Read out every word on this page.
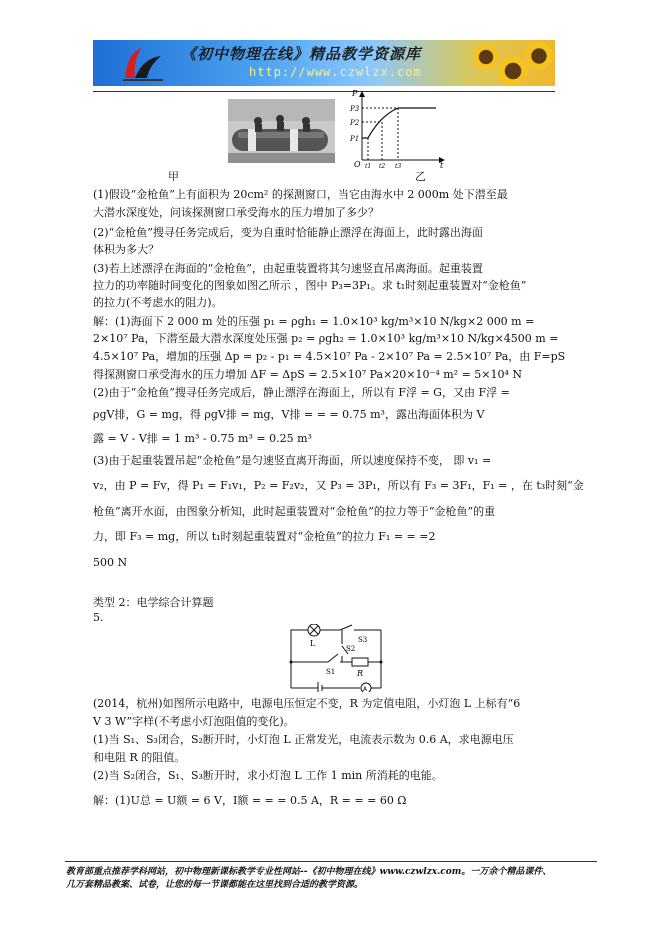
《初中物理在线》精品教学资源库
http://www.czwlzx.com
P
t
O
P3
P2
P1
t1 t2 t3
甲	乙
(1)假设“金枪鱼”上有面积为 20cm² 的探测窗口，当它由海水中 2 000m 处下潜至最
大潜水深度处，问该探测窗口承受海水的压力增加了多少？
(2)“金枪鱼”搜寻任务完成后，变为自重时恰能静止漂浮在海面上，此时露出海面
体积为多大？
(3)若上述漂浮在海面的“金枪鱼”，由起重装置将其匀速竖直吊离海面。起重装置
拉力的功率随时间变化的图象如图乙所示 ，图中 P₃=3P₁。求 t₁时刻起重装置对“金枪鱼”
的拉力(不考虑水的阻力)。
解：(1)海面下 2 000 m 处的压强 p₁ = ρgh₁ = 1.0×10³ kg/m³×10 N/kg×2 000 m =
2×10⁷ Pa，下潜至最大潜水深度处压强 p₂ = ρgh₂ = 1.0×10³ kg/m³×10 N/kg×4500 m =
4.5×10⁷ Pa，增加的压强 Δp = p₂ - p₁ = 4.5×10⁷ Pa - 2×10⁷ Pa = 2.5×10⁷ Pa，由 F=pS
得探测窗口承受海水的压力增加 ΔF = ΔpS = 2.5×10⁷ Pa×20×10⁻⁴ m² = 5×10⁴ N
(2)由于“金枪鱼”搜寻任务完成后，静止漂浮在海面上，所以有 F浮 = G，又由 F浮 =
ρgV排，G = mg，得 ρgV排 = mg，V排 = = = 0.75 m³，露出海面体积为 V
露 = V - V排 = 1 m³ - 0.75 m³ = 0.25 m³
(3)由于起重装置吊起“金枪鱼”是匀速竖直离开海面，所以速度保持不变， 即 v₁ =
v₂，由 P = Fv，得 P₁ = F₁v₁，P₂ = F₂v₂，又 P₃ = 3P₁，所以有 F₃ = 3F₁，F₁ = ，在 t₃时刻“金
枪鱼”离开水面，由图象分析知，此时起重装置对“金枪鱼”的拉力等于“金枪鱼”的重
力，即 F₃ = mg，所以 t₁时刻起重装置对“金枪鱼”的拉力 F₁ = = =2
500 N
类型 2：电学综合计算题
5.
L
R
A
S3
S2
S1
(2014，杭州)如图所示电路中，电源电压恒定不变，R 为定值电阻，小灯泡 L 上标有“6
V 3 W”字样(不考虑小灯泡阻值的变化)。
(1)当 S₁、S₃闭合，S₂断开时，小灯泡 L 正常发光，电流表示数为 0.6 A，求电源电压
和电阻 R 的阻值。
(2)当 S₂闭合，S₁、S₃断开时，求小灯泡 L 工作 1 min 所消耗的电能。
解：(1)U总 = U额 = 6 V，I额 = = = 0.5 A，R = = = 60 Ω
教育部重点推荐学科网站，初中物理新课标教学专业性网站--《初中物理在线》www.czwlzx.com。一万余个精品课件、
几万套精品教案、试卷，让您的每一节课都能在这里找到合适的教学资源。
